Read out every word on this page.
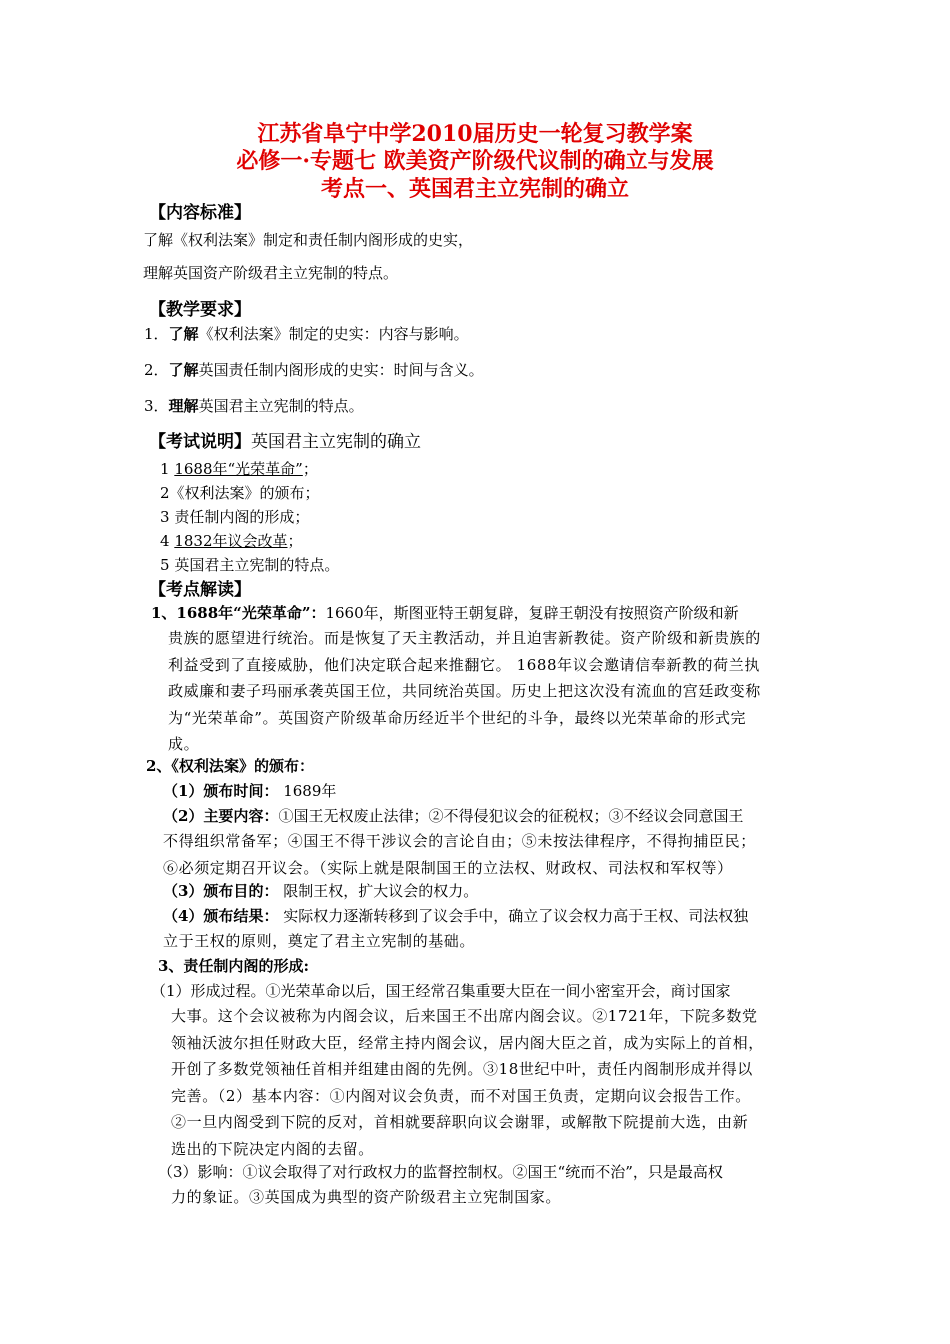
江苏省阜宁中学2010届历史一轮复习教学案
必修一·专题七 欧美资产阶级代议制的确立与发展
考点一、英国君主立宪制的确立
【内容标准】
了解《权利法案》制定和责任制内阁形成的史实，
理解英国资产阶级君主立宪制的特点。
【教学要求】
1．了解《权利法案》制定的史实：内容与影响。
2．了解英国责任制内阁形成的史实：时间与含义。
3．理解英国君主立宪制的特点。
【考试说明】英国君主立宪制的确立
1 1688年“光荣革命”；
2《权利法案》的颁布；
3 责任制内阁的形成；
4 1832年议会改革；
5 英国君主立宪制的特点。
【考点解读】
1、1688年“光荣革命”：1660年，斯图亚特王朝复辟，复辟王朝没有按照资产阶级和新
贵族的愿望进行统治。而是恢复了天主教活动，并且迫害新教徒。资产阶级和新贵族的
利益受到了直接威胁，他们决定联合起来推翻它。 1688年议会邀请信奉新教的荷兰执
政威廉和妻子玛丽承袭英国王位，共同统治英国。历史上把这次没有流血的宫廷政变称
为“光荣革命”。英国资产阶级革命历经近半个世纪的斗争，最终以光荣革命的形式完
成。
2、《权利法案》的颁布：
（1）颁布时间： 1689年
（2）主要内容：①国王无权废止法律；②不得侵犯议会的征税权；③不经议会同意国王
不得组织常备军；④国王不得干涉议会的言论自由；⑤未按法律程序，不得拘捕臣民；
⑥必须定期召开议会。（实际上就是限制国王的立法权、财政权、司法权和军权等）
（3）颁布目的： 限制王权，扩大议会的权力。
（4）颁布结果： 实际权力逐渐转移到了议会手中，确立了议会权力高于王权、司法权独
立于王权的原则，奠定了君主立宪制的基础。
3、责任制内阁的形成:
（1）形成过程。①光荣革命以后，国王经常召集重要大臣在一间小密室开会，商讨国家
大事。这个会议被称为内阁会议，后来国王不出席内阁会议。②1721年，下院多数党
领袖沃波尔担任财政大臣，经常主持内阁会议，居内阁大臣之首，成为实际上的首相，
开创了多数党领袖任首相并组建由阁的先例。③18世纪中叶，责任内阁制形成并得以
完善。（2）基本内容：①内阁对议会负责，而不对国王负责，定期向议会报告工作。
②一旦内阁受到下院的反对，首相就要辞职向议会谢罪，或解散下院提前大选，由新
选出的下院决定内阁的去留。
（3）影响：①议会取得了对行政权力的监督控制权。②国王“统而不治”，只是最高权
力的象证。③英国成为典型的资产阶级君主立宪制国家。
